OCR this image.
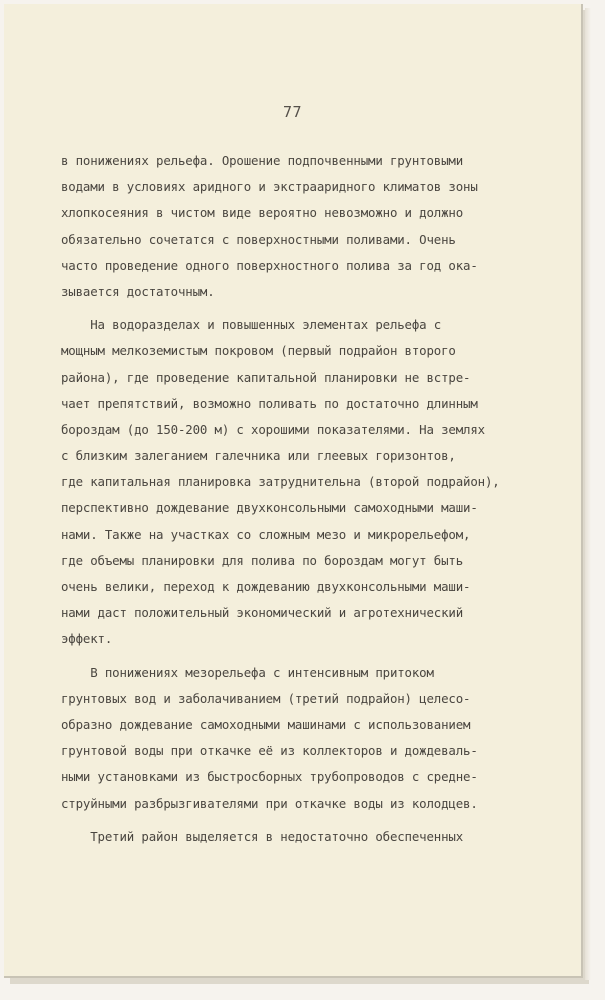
77
в понижениях рельефа. Орошение подпочвенными грунтовыми
водами в условиях аридного и экстрааридного климатов зоны
хлопкосеяния в чистом виде вероятно невозможно и должно
обязательно сочетатся с поверхностными поливами. Очень
часто проведение одного поверхностного полива за год ока-
зывается достаточным.
На водоразделах и повышенных элементах рельефа с
мощным мелкоземистым покровом (первый подрайон второго
района), где проведение капитальной планировки не встре-
чает препятствий, возможно поливать по достаточно длинным
бороздам (до 150-200 м) с хорошими показателями. На землях
с близким залеганием галечника или глеевых горизонтов,
где капитальная планировка затруднительна (второй подрайон),
перспективно дождевание двухконсольными самоходными маши-
нами. Также на участках со сложным мезо и микрорельефом,
где объемы планировки для полива по бороздам могут быть
очень велики, переход к дождеванию двухконсольными маши-
нами даст положительный экономический и агротехнический
эффект.
В понижениях мезорельефа с интенсивным притоком
грунтовых вод и заболачиванием (третий подрайон) целесо-
образно дождевание самоходными машинами с использованием
грунтовой воды при откачке её из коллекторов и дождеваль-
ными установками из быстросборных трубопроводов с средне-
струйными разбрызгивателями при откачке воды из колодцев.
Третий район выделяется в недостаточно обеспеченных
